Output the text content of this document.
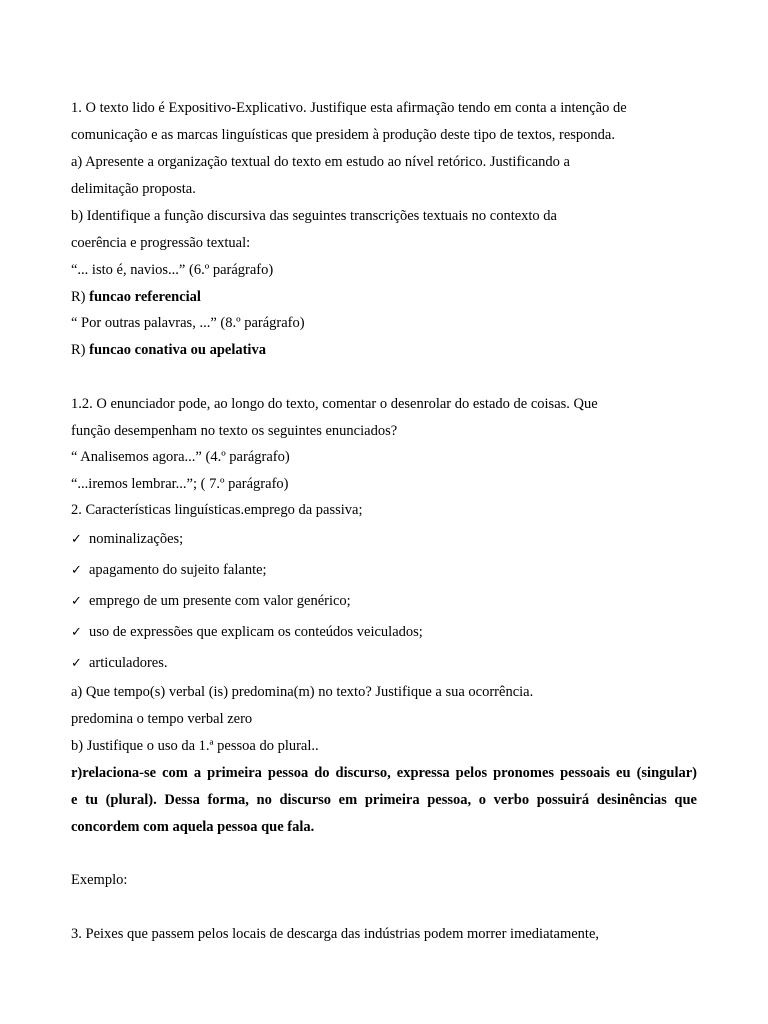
1. O texto lido é Expositivo-Explicativo. Justifique esta afirmação tendo em conta a intenção de
comunicação e as marcas linguísticas que presidem à produção deste tipo de textos, responda.
a) Apresente a organização textual do texto em estudo ao nível retórico. Justificando a
delimitação proposta.
b) Identifique a função discursiva das seguintes transcrições textuais no contexto da
coerência e progressão textual:
“... isto é, navios...” (6.º parágrafo)
R) funcao referencial
“ Por outras palavras, ...” (8.º parágrafo)
R) funcao conativa ou apelativa
1.2. O enunciador pode, ao longo do texto, comentar o desenrolar do estado de coisas. Que
função desempenham no texto os seguintes enunciados?
“ Analisemos agora...” (4.º parágrafo)
“...iremos lembrar...”; ( 7.º parágrafo)
2. Características linguísticas.emprego da passiva;
✓ nominalizações;
✓ apagamento do sujeito falante;
✓ emprego de um presente com valor genérico;
✓ uso de expressões que explicam os conteúdos veiculados;
✓ articuladores.
a) Que tempo(s) verbal (is) predomina(m) no texto? Justifique a sua ocorrência.
predomina o tempo verbal zero
b) Justifique o uso da 1.ª pessoa do plural..
r)relaciona-se com a primeira pessoa do discurso, expressa pelos pronomes pessoais eu (singular)
e tu (plural). Dessa forma, no discurso em primeira pessoa, o verbo possuirá desinências que
concordem com aquela pessoa que fala.
Exemplo:
3. Peixes que passem pelos locais de descarga das indústrias podem morrer imediatamente,
